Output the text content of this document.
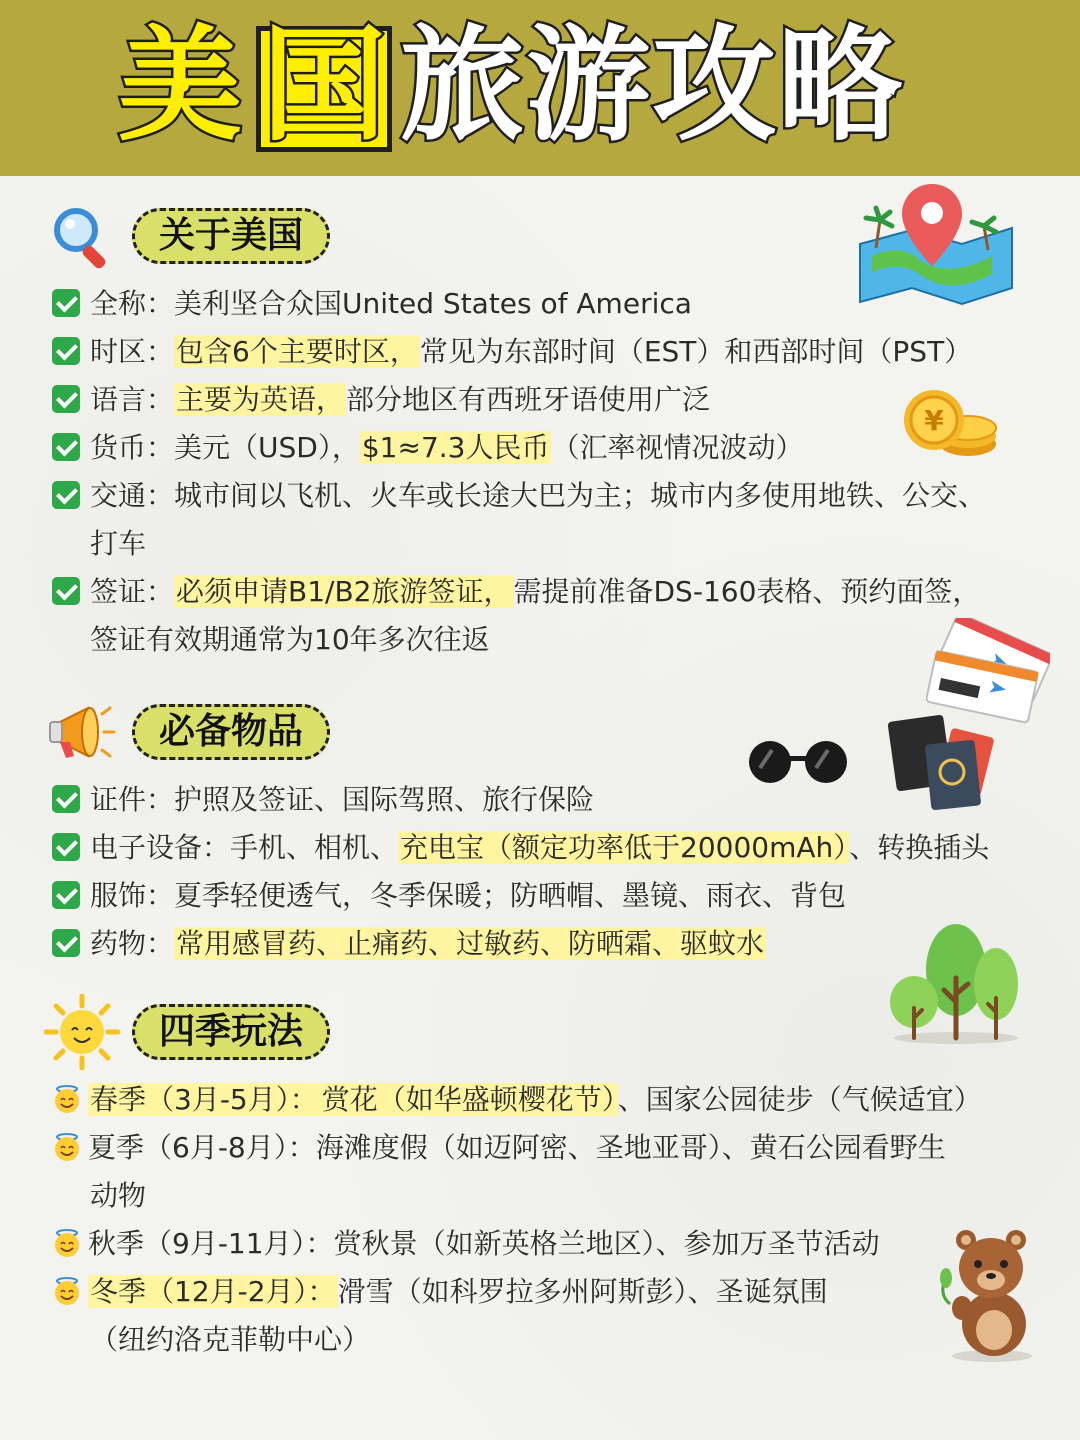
美 国 旅游攻略
关于美国
全称：美利坚合众国United States of America
时区：包含6个主要时区，常见为东部时间（EST）和西部时间（PST）
语言：主要为英语，部分地区有西班牙语使用广泛
货币：美元（USD），$1≈7.3人民币（汇率视情况波动）
交通：城市间以飞机、火车或长途大巴为主；城市内多使用地铁、公交、
打车
签证：必须申请B1/B2旅游签证，需提前准备DS-160表格、预约面签，
签证有效期通常为10年多次往返
¥
必备物品
证件：护照及签证、国际驾照、旅行保险
电子设备：手机、相机、充电宝（额定功率低于20000mAh）、转换插头
服饰：夏季轻便透气，冬季保暖；防晒帽、墨镜、雨衣、背包
药物：常用感冒药、止痛药、过敏药、防晒霜、驱蚊水
四季玩法
春季（3月-5月）： 赏花（如华盛顿樱花节）、国家公园徒步（气候适宜）
夏季（6月-8月）：海滩度假（如迈阿密、圣地亚哥）、黄石公园看野生
动物
秋季（9月-11月）：赏秋景（如新英格兰地区）、参加万圣节活动
冬季（12月-2月）：滑雪（如科罗拉多州阿斯彭）、圣诞氛围
（纽约洛克菲勒中心）
